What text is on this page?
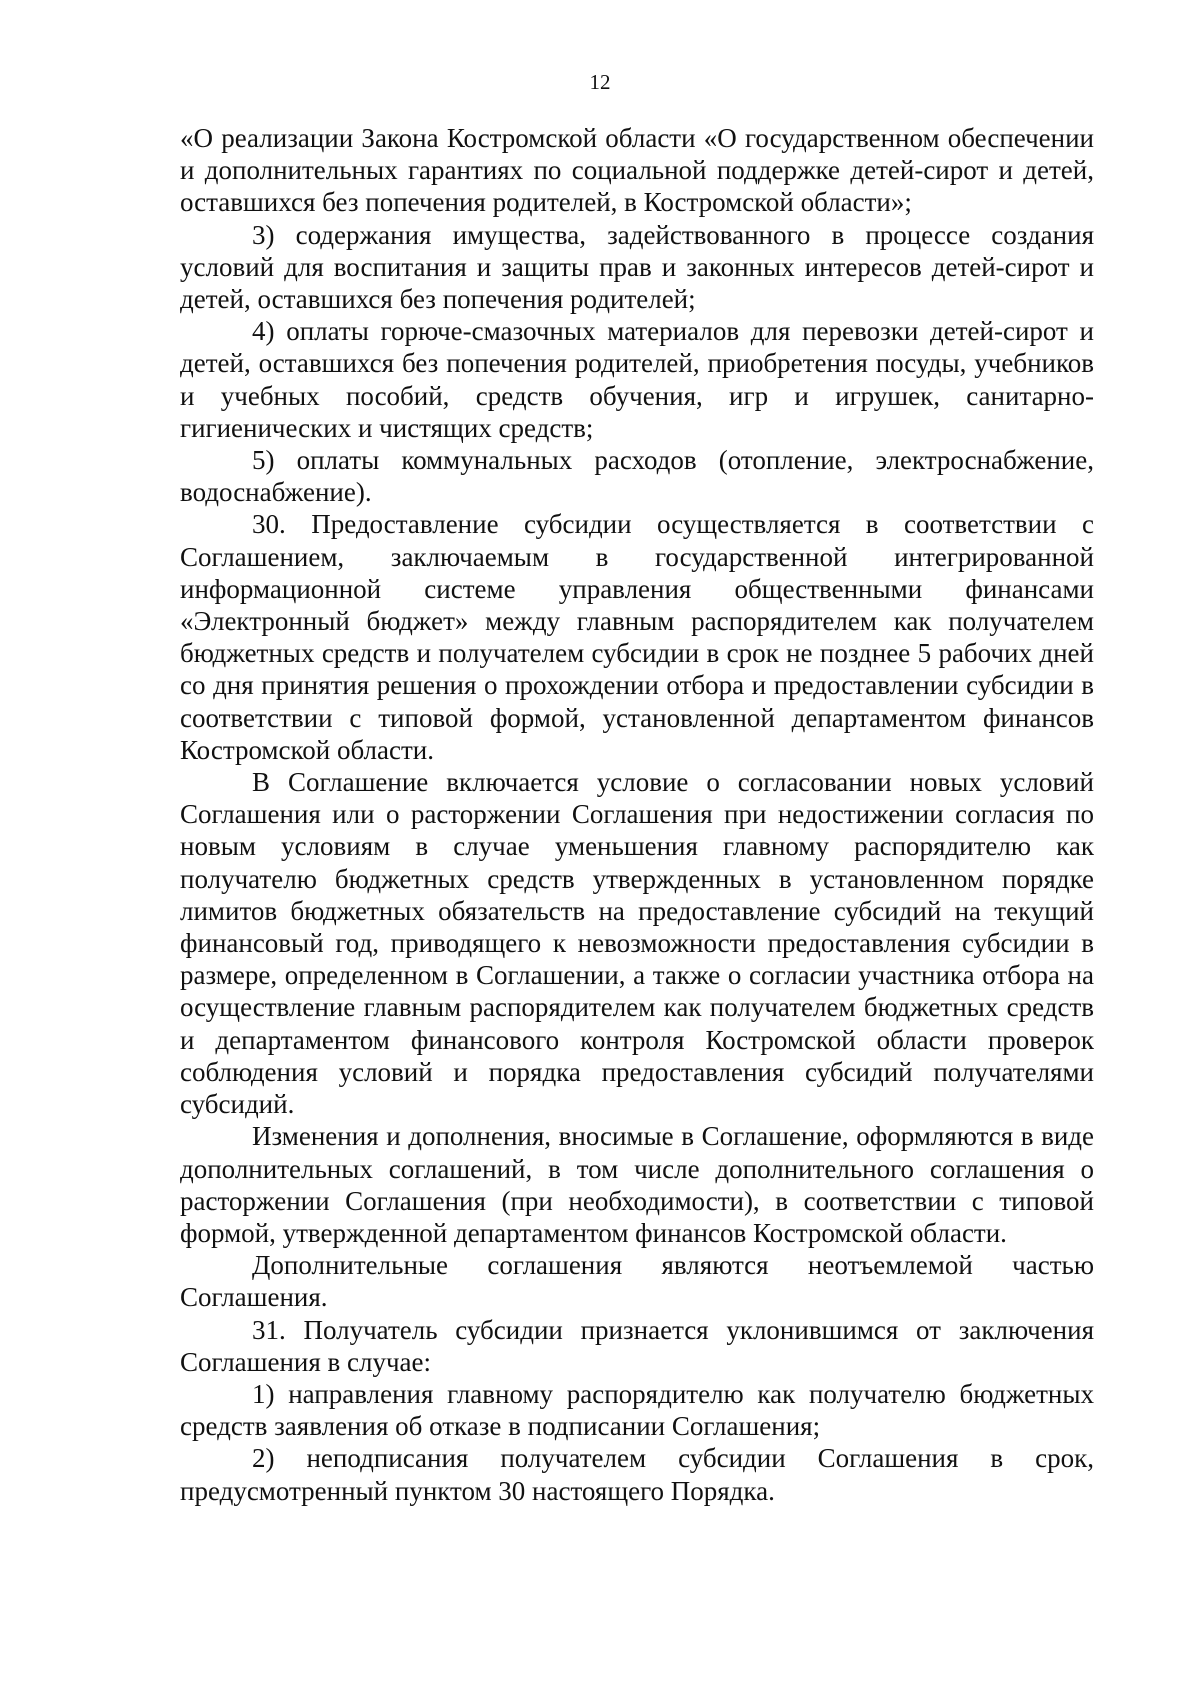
12

«О реализации Закона Костромской области «О государственном обеспечении и дополнительных гарантиях по социальной поддержке детей-сирот и детей, оставшихся без попечения родителей, в Костромской области»;

3) содержания имущества, задействованного в процессе создания условий для воспитания и защиты прав и законных интересов детей-сирот и детей, оставшихся без попечения родителей;

4) оплаты горюче-смазочных материалов для перевозки детей-сирот и детей, оставшихся без попечения родителей, приобретения посуды, учебников и учебных пособий, средств обучения, игр и игрушек, санитарно-гигиенических и чистящих средств;

5) оплаты коммунальных расходов (отопление, электроснабжение, водоснабжение).

30. Предоставление субсидии осуществляется в соответствии с Соглашением, заключаемым в государственной интегрированной информационной системе управления общественными финансами «Электронный бюджет» между главным распорядителем как получателем бюджетных средств и получателем субсидии в срок не позднее 5 рабочих дней со дня принятия решения о прохождении отбора и предоставлении субсидии в соответствии с типовой формой, установленной департаментом финансов Костромской области.

В Соглашение включается условие о согласовании новых условий Соглашения или о расторжении Соглашения при недостижении согласия по новым условиям в случае уменьшения главному распорядителю как получателю бюджетных средств утвержденных в установленном порядке лимитов бюджетных обязательств на предоставление субсидий на текущий финансовый год, приводящего к невозможности предоставления субсидии в размере, определенном в Соглашении, а также о согласии участника отбора на осуществление главным распорядителем как получателем бюджетных средств и департаментом финансового контроля Костромской области проверок соблюдения условий и порядка предоставления субсидий получателями субсидий.

Изменения и дополнения, вносимые в Соглашение, оформляются в виде дополнительных соглашений, в том числе дополнительного соглашения о расторжении Соглашения (при необходимости), в соответствии с типовой формой, утвержденной департаментом финансов Костромской области.

Дополнительные соглашения являются неотъемлемой частью Соглашения.

31. Получатель субсидии признается уклонившимся от заключения Соглашения в случае:

1) направления главному распорядителю как получателю бюджетных средств заявления об отказе в подписании Соглашения;

2) неподписания получателем субсидии Соглашения в срок, предусмотренный пунктом 30 настоящего Порядка.
